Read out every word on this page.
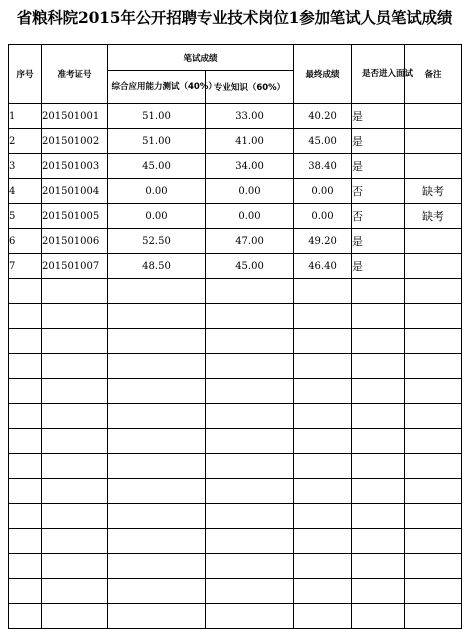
省粮科院2015年公开招聘专业技术岗位1参加笔试人员笔试成绩
序号	准考证号	笔试成绩		最终成绩	是否进入面试	备注
		综合应用能力测试（40%）	专业知识（60%）			
1	201501001	51.00	33.00	40.20	是	
2	201501002	51.00	41.00	45.00	是	
3	201501003	45.00	34.00	38.40	是	
4	201501004	0.00	0.00	0.00	否	缺考
5	201501005	0.00	0.00	0.00	否	缺考
6	201501006	52.50	47.00	49.20	是	
7	201501007	48.50	45.00	46.40	是	
